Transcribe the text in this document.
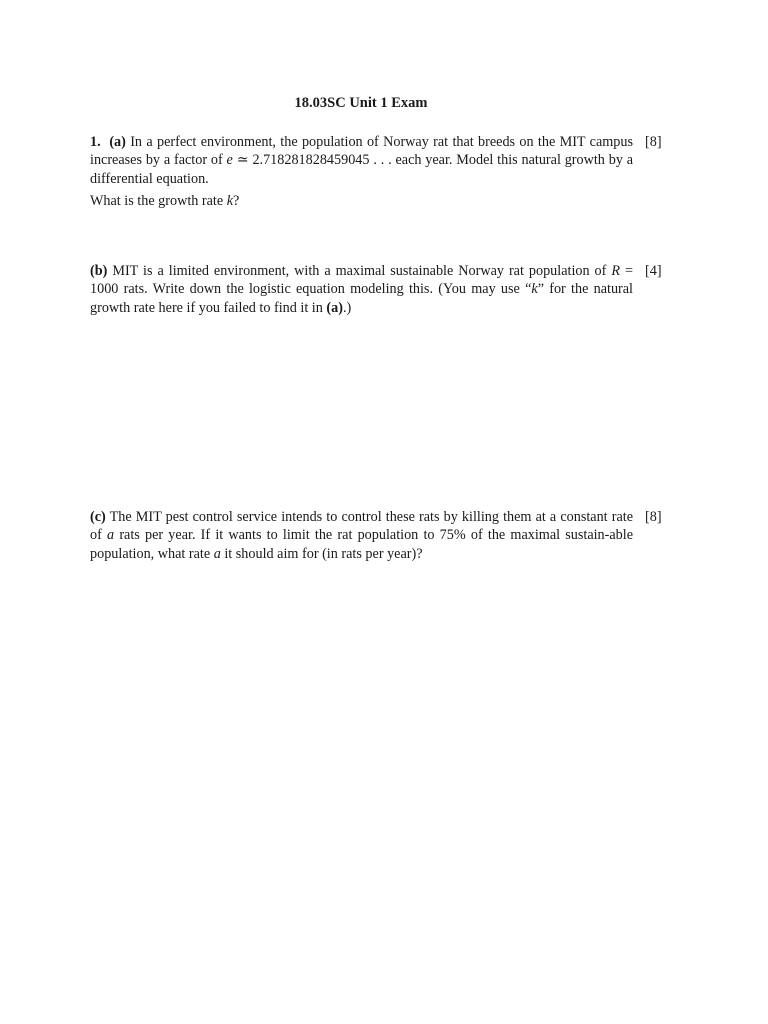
18.03SC Unit 1 Exam

1. (a) In a perfect environment, the population of Norway rat that breeds on the MIT campus increases by a factor of e ≃ 2.718281828459045 . . . each year. Model this natural growth by a differential equation.

What is the growth rate k?

[8]

(b) MIT is a limited environment, with a maximal sustainable Norway rat population of R = 1000 rats. Write down the logistic equation modeling this. (You may use “k” for the natural growth rate here if you failed to find it in (a).)

[4]

(c) The MIT pest control service intends to control these rats by killing them at a constant rate of a rats per year. If it wants to limit the rat population to 75% of the maximal sustain-able population, what rate a it should aim for (in rats per year)?

[8]
